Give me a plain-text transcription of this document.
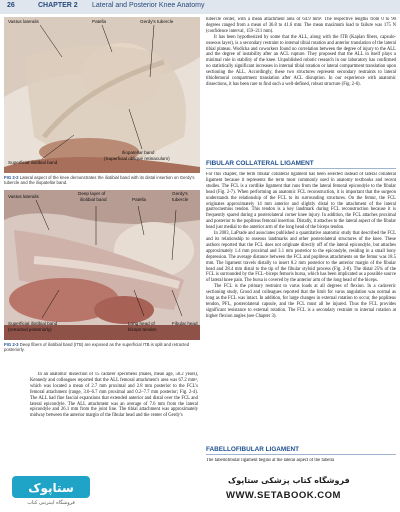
26	CHAPTER 2 Lateral and Posterior Knee Anatomy
Vastus lateralis	Patella	Gerdy's tubercle
Superficial iliotibial band
Iliopatellar band
(Superficial oblique retinaculum)
FIG 2-2 Lateral aspect of the knee demonstrates the iliotibial band with its distal insertion on Gerdy's tubercle and the iliopatellar band.
Vastus lateralis
Deep layer of
iliotibial band	Patella
Gerdy's
tubercle
Superficial iliotibial band
(retracted posteriorly)
Long head of
biceps tendon
Fibular head
FIG 2-3 Deep fibers of iliotibial band (ITB) are exposed as the superficial ITB is split and retracted posteriorly.
In an anatomic dissection of 15 cadaver specimens (males, mean age, 58.2 years), Kennedy and colleagues reported that the ALL femoral attachment's area was 67.2 mm², which was located a mean of 2.7 mm proximal and 2.8 mm posterior to the FCL's femoral attachment (range, 3.0–6.7 mm proximal and 0.2–7.7 mm posterior; Fig. 2-4). The ALL had fine fascial expansions that extended anterior and distal over the FCL and lateral epicondyle. The ALL attachment was an average of 7.6 mm from the lateral epicondyle and 26.1 mm from the joint line. The tibial attachment was approximately midway between the anterior margin of the fibular head and the center of Gerdy's

tubercle center, with a mean attachment area of 64.9 mm². The respective lengths from 0 to 90 degrees ranged from a mean of 36.8 to 41.6 mm. The mean maximum load to failure was 175 N (confidence interval, 159–211 mm).

It has been hypothesized by some that the ALL, along with the ITB (Kaplan fibers, capsulo-osseous layer), is a secondary restraint to internal tibial rotation and anterior translation of the lateral tibial plateau. Wodicka and coworkers found no correlation between the degree of injury to the ALL and the degree of instability after an ACL rupture. They proposed that the ALL in itself plays a minimal role in stability of the knee. Unpublished robotic research in our laboratory has confirmed no statistically significant increases in internal tibial rotation or lateral compartment translation upon sectioning the ALL. Accordingly, these two structures represent secondary restraints to lateral tibiofemoral compartment translation after ACL disruption. In our experience with anatomic dissections, it has been rare to find such a well-defined, robust structure (Fig. 2-6).

FIBULAR COLLATERAL LIGAMENT

For this chapter, the term fibular collateral ligament has been selected instead of lateral collateral ligament because it represents the term most commonly used in anatomy textbooks and recent studies. The FCL is a cordlike ligament that runs from the lateral femoral epicondyle to the fibular head (Fig. 2-7). When performing an anatomic FCL reconstruction, it is important that the surgeon understands the relationship of the FCL to its surrounding structures. On the femur, the FCL originates approximately 14 mm anterior and slightly distal to the attachment of the lateral gastrocnemius tendon. This tendon is a key landmark during FCL reconstruction because it is frequently spared during a posterolateral corner knee injury. In addition, the FCL attaches proximal and posterior to the popliteus femoral insertion. Distally, it attaches to the lateral aspect of the fibular head just medial to the anterior arm of the long head of the biceps tendon.

In 2003, LaPrade and associates published a quantitative anatomic study that described the FCL and its relationship to osseous landmarks and other posterolateral structures of the knee. These authors reported that the FCL does not originate directly off of the lateral epicondyle, but attaches approximately 1.4 mm proximal and 3.1 mm posterior to the epicondyle, residing in a small bony depression. The average distance between the FCL and popliteus attachments on the femur was 18.5 mm. The ligament travels distally to insert 8.2 mm posterior to the anterior margin of the fibular head and 28.4 mm distal to the tip of the fibular styloid process (Fig. 2-8). The distal 25% of the FCL is surrounded by the FCL–biceps femoris bursa, which has been implicated as a possible source of lateral knee pain. The bursa is covered by the anterior arm of the long head of the biceps.

The FCL is the primary restraint to varus loads at all degrees of flexion. In a cadaveric sectioning study, Grood and colleagues reported that the limit for varus angulation was normal as long as the FCL was intact. In addition, for large changes in external rotation to occur, the popliteus tendon, PFL, posterolateral capsule, and the FCL must all be injured. Thus the FCL provides significant resistance to external rotation. The FCL is a secondary restraint to internal rotation at higher flexion angles (see Chapter 3).

FABELLOFIBULAR LIGAMENT
The fabellofibular ligament begins at the lateral aspect of the fabella
ستاپوک
فروشگاه اینترنتی کتاب
فروشگاه کتاب پزشکی ستاپوک
WWW.SETABOOK.COM
